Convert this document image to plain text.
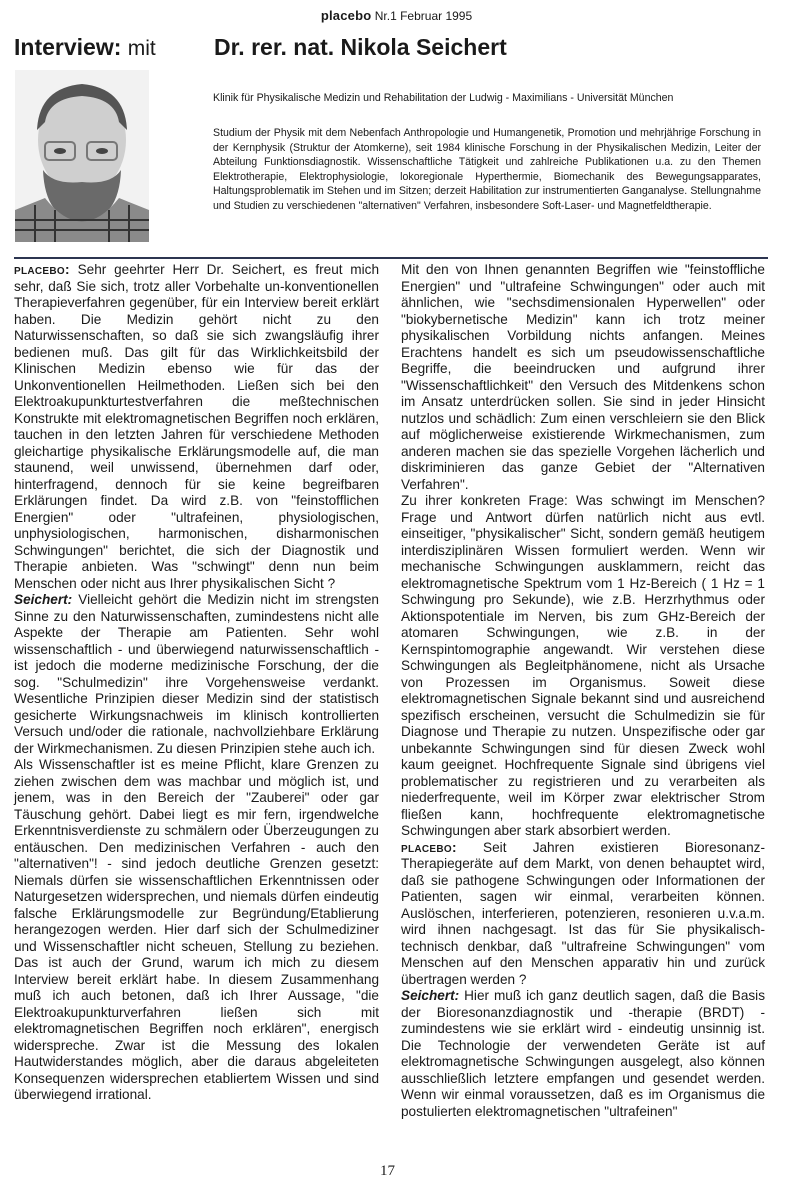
placebo Nr.1 Februar 1995
Interview: mit	Dr. rer. nat. Nikola Seichert
Klinik für Physikalische Medizin und Rehabilitation der Ludwig - Maximilians - Universität München
Studium der Physik mit dem Nebenfach Anthropologie und Humangenetik, Promotion und mehrjährige Forschung in der Kernphysik (Struktur der Atomkerne), seit 1984 klinische Forschung in der Physikalischen Medizin, Leiter der Abteilung Funktionsdiagnostik. Wissenschaftliche Tätigkeit und zahlreiche Publikationen u.a. zu den Themen Elektrotherapie, Elektrophysiologie, lokoregionale Hyperthermie, Biomechanik des Bewegungsapparates, Haltungsproblematik im Stehen und im Sitzen; derzeit Habilitation zur instrumentierten Ganganalyse. Stellungnahme und Studien zu verschiedenen "alternativen" Verfahren, insbesondere Soft-Laser- und Magnetfeldtherapie.

placebo: Sehr geehrter Herr Dr. Seichert, es freut mich sehr, daß Sie sich, trotz aller Vorbehalte un-konventionellen Therapieverfahren gegenüber, für ein Interview bereit erklärt haben. Die Medizin gehört nicht zu den Naturwissenschaften, so daß sie sich zwangsläufig ihrer bedienen muß. Das gilt für das Wirklichkeitsbild der Klinischen Medizin ebenso wie für das der Unkonventionellen Heilmethoden. Ließen sich bei den Elektroakupunkturtestverfahren die meßtechnischen Konstrukte mit elektromagnetischen Begriffen noch erklären, tauchen in den letzten Jahren für verschiedene Methoden gleichartige physikalische Erklärungsmodelle auf, die man staunend, weil unwissend, übernehmen darf oder, hinterfragend, dennoch für sie keine begreifbaren Erklärungen findet. Da wird z.B. von "feinstofflichen Energien" oder "ultrafeinen, physiologischen, unphysiologischen, harmonischen, disharmonischen Schwingungen" berichtet, die sich der Diagnostik und Therapie anbieten. Was "schwingt" denn nun beim Menschen oder nicht aus Ihrer physikalischen Sicht ?

Seichert: Vielleicht gehört die Medizin nicht im strengsten Sinne zu den Naturwissenschaften, zumindestens nicht alle Aspekte der Therapie am Patienten. Sehr wohl wissenschaftlich - und überwiegend naturwissenschaftlich - ist jedoch die moderne medizinische Forschung, der die sog. "Schulmedizin" ihre Vorgehensweise verdankt. Wesentliche Prinzipien dieser Medizin sind der statistisch gesicherte Wirkungsnachweis im klinisch kontrollierten Versuch und/oder die rationale, nachvollziehbare Erklärung der Wirkmechanismen. Zu diesen Prinzipien stehe auch ich.

Als Wissenschaftler ist es meine Pflicht, klare Grenzen zu ziehen zwischen dem was machbar und möglich ist, und jenem, was in den Bereich der "Zauberei" oder gar Täuschung gehört. Dabei liegt es mir fern, irgendwelche Erkenntnisverdienste zu schmälern oder Überzeugungen zu entäuschen. Den medizinischen Verfahren - auch den "alternativen"! - sind jedoch deutliche Grenzen gesetzt: Niemals dürfen sie wissenschaftlichen Erkenntnissen oder Naturgesetzen widersprechen, und niemals dürfen eindeutig falsche Erklärungsmodelle zur Begründung/Etablierung herangezogen werden. Hier darf sich der Schulmediziner und Wissenschaftler nicht scheuen, Stellung zu beziehen. Das ist auch der Grund, warum ich mich zu diesem Interview bereit erklärt habe. In diesem Zusammenhang muß ich auch betonen, daß ich Ihrer Aussage, "die Elektroakupunkturverfahren ließen sich mit elektromagnetischen Begriffen noch erklären", energisch widerspreche. Zwar ist die Messung des lokalen Hautwiderstandes möglich, aber die daraus abgeleiteten Konsequenzen widersprechen etabliertem Wissen und sind überwiegend irrational.

Mit den von Ihnen genannten Begriffen wie "feinstoffliche Energien" und "ultrafeine Schwingungen" oder auch mit ähnlichen, wie "sechsdimensionalen Hyperwellen" oder "biokybernetische Medizin" kann ich trotz meiner physikalischen Vorbildung nichts anfangen. Meines Erachtens handelt es sich um pseudowissenschaftliche Begriffe, die beeindrucken und aufgrund ihrer "Wissenschaftlichkeit" den Versuch des Mitdenkens schon im Ansatz unterdrücken sollen. Sie sind in jeder Hinsicht nutzlos und schädlich: Zum einen verschleiern sie den Blick auf möglicherweise existierende Wirkmechanismen, zum anderen machen sie das spezielle Vorgehen lächerlich und diskriminieren das ganze Gebiet der "Alternativen Verfahren".

Zu ihrer konkreten Frage: Was schwingt im Menschen? Frage und Antwort dürfen natürlich nicht aus evtl. einseitiger, "physikalischer" Sicht, sondern gemäß heutigem interdisziplinären Wissen formuliert werden. Wenn wir mechanische Schwingungen ausklammern, reicht das elektromagnetische Spektrum vom 1 Hz-Bereich ( 1 Hz = 1 Schwingung pro Sekunde), wie z.B. Herzrhythmus oder Aktionspotentiale im Nerven, bis zum GHz-Bereich der atomaren Schwingungen, wie z.B. in der Kernspintomographie angewandt. Wir verstehen diese Schwingungen als Begleitphänomene, nicht als Ursache von Prozessen im Organismus. Soweit diese elektromagnetischen Signale bekannt sind und ausreichend spezifisch erscheinen, versucht die Schulmedizin sie für Diagnose und Therapie zu nutzen. Unspezifische oder gar unbekannte Schwingungen sind für diesen Zweck wohl kaum geeignet. Hochfrequente Signale sind übrigens viel problematischer zu registrieren und zu verarbeiten als niederfrequente, weil im Körper zwar elektrischer Strom fließen kann, hochfrequente elektromagnetische Schwingungen aber stark absorbiert werden.

placebo: Seit Jahren existieren Bioresonanz-Therapiegeräte auf dem Markt, von denen behauptet wird, daß sie pathogene Schwingungen oder Informationen der Patienten, sagen wir einmal, verarbeiten können. Auslöschen, interferieren, potenzieren, resonieren u.v.a.m. wird ihnen nachgesagt. Ist das für Sie physikalisch-technisch denkbar, daß "ultrafreine Schwingungen" vom Menschen auf den Menschen apparativ hin und zurück übertragen werden ?

Seichert: Hier muß ich ganz deutlich sagen, daß die Basis der Bioresonanzdiagnostik und -therapie (BRDT) - zumindestens wie sie erklärt wird - eindeutig unsinnig ist. Die Technologie der verwendeten Geräte ist auf elektromagnetische Schwingungen ausgelegt, also können ausschließlich letztere empfangen und gesendet werden. Wenn wir einmal voraussetzen, daß es im Organismus die postulierten elektromagnetischen "ultrafeinen"

17
